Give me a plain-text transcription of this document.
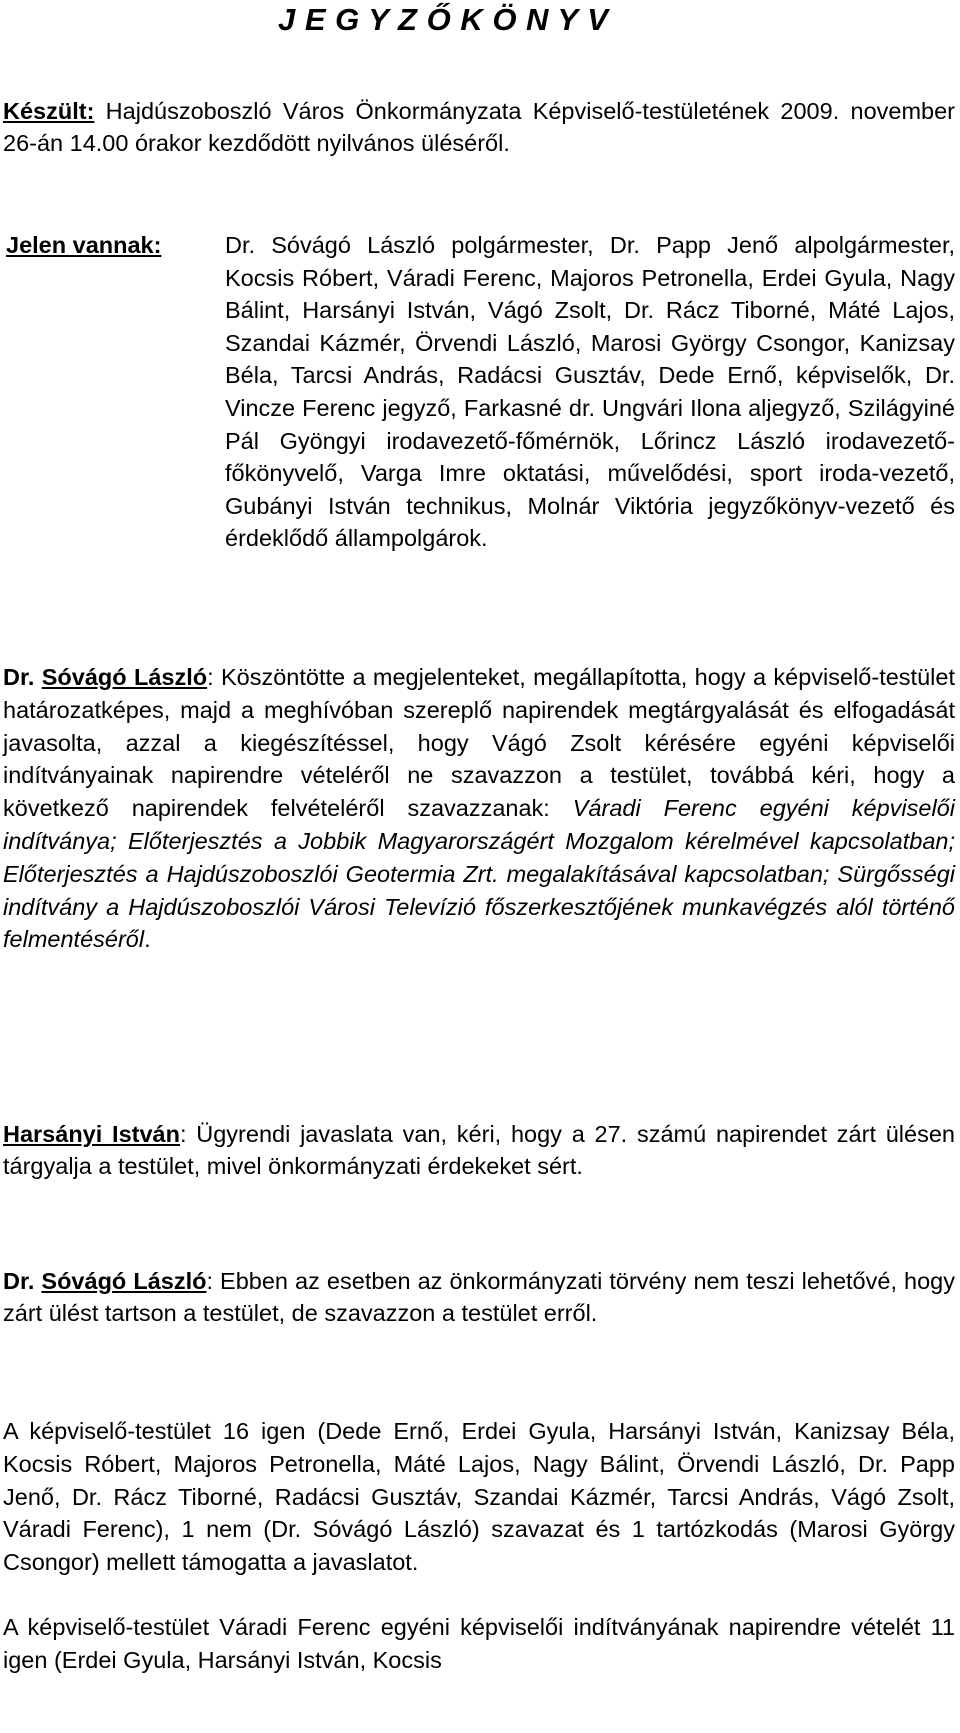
J E G Y Z Ő K Ö N Y V

Készült: Hajdúszoboszló Város Önkormányzata Képviselő-testületének 2009. november 26-án 14.00 órakor kezdődött nyilvános üléséről.

Jelen vannak:	Dr. Sóvágó László polgármester, Dr. Papp Jenő alpolgármester, Kocsis Róbert, Váradi Ferenc, Majoros Petronella, Erdei Gyula, Nagy Bálint, Harsányi István, Vágó Zsolt, Dr. Rácz Tiborné, Máté Lajos, Szandai Kázmér, Örvendi László, Marosi György Csongor, Kanizsay Béla, Tarcsi András, Radácsi Gusztáv, Dede Ernő, képviselők, Dr. Vincze Ferenc jegyző, Farkasné dr. Ungvári Ilona aljegyző, Szilágyiné Pál Gyöngyi irodavezető-főmérnök, Lőrincz László irodavezető-főkönyvelő, Varga Imre oktatási, művelődési, sport iroda-vezető, Gubányi István technikus, Molnár Viktória jegyzőkönyv-vezető és érdeklődő állampolgárok.

Dr. Sóvágó László: Köszöntötte a megjelenteket, megállapította, hogy a képviselő-testület határozatképes, majd a meghívóban szereplő napirendek megtárgyalását és elfogadását javasolta, azzal a kiegészítéssel, hogy Vágó Zsolt kérésére egyéni képviselői indítványainak napirendre vételéről ne szavazzon a testület, továbbá kéri, hogy a következő napirendek felvételéről szavazzanak: Váradi Ferenc egyéni képviselői indítványa; Előterjesztés a Jobbik Magyarországért Mozgalom kérelmével kapcsolatban; Előterjesztés a Hajdúszoboszlói Geotermia Zrt. megalakításával kapcsolatban; Sürgősségi indítvány a Hajdúszoboszlói Városi Televízió főszerkesztőjének munkavégzés alól történő felmentéséről.

Harsányi István: Ügyrendi javaslata van, kéri, hogy a 27. számú napirendet zárt ülésen tárgyalja a testület, mivel önkormányzati érdekeket sért.

Dr. Sóvágó László: Ebben az esetben az önkormányzati törvény nem teszi lehetővé, hogy zárt ülést tartson a testület, de szavazzon a testület erről.

A képviselő-testület 16 igen (Dede Ernő, Erdei Gyula, Harsányi István, Kanizsay Béla, Kocsis Róbert, Majoros Petronella, Máté Lajos, Nagy Bálint, Örvendi László, Dr. Papp Jenő, Dr. Rácz Tiborné, Radácsi Gusztáv, Szandai Kázmér, Tarcsi András, Vágó Zsolt, Váradi Ferenc), 1 nem (Dr. Sóvágó László) szavazat és 1 tartózkodás (Marosi György Csongor) mellett támogatta a javaslatot.

A képviselő-testület Váradi Ferenc egyéni képviselői indítványának napirendre vételét 11 igen (Erdei Gyula, Harsányi István, Kocsis
